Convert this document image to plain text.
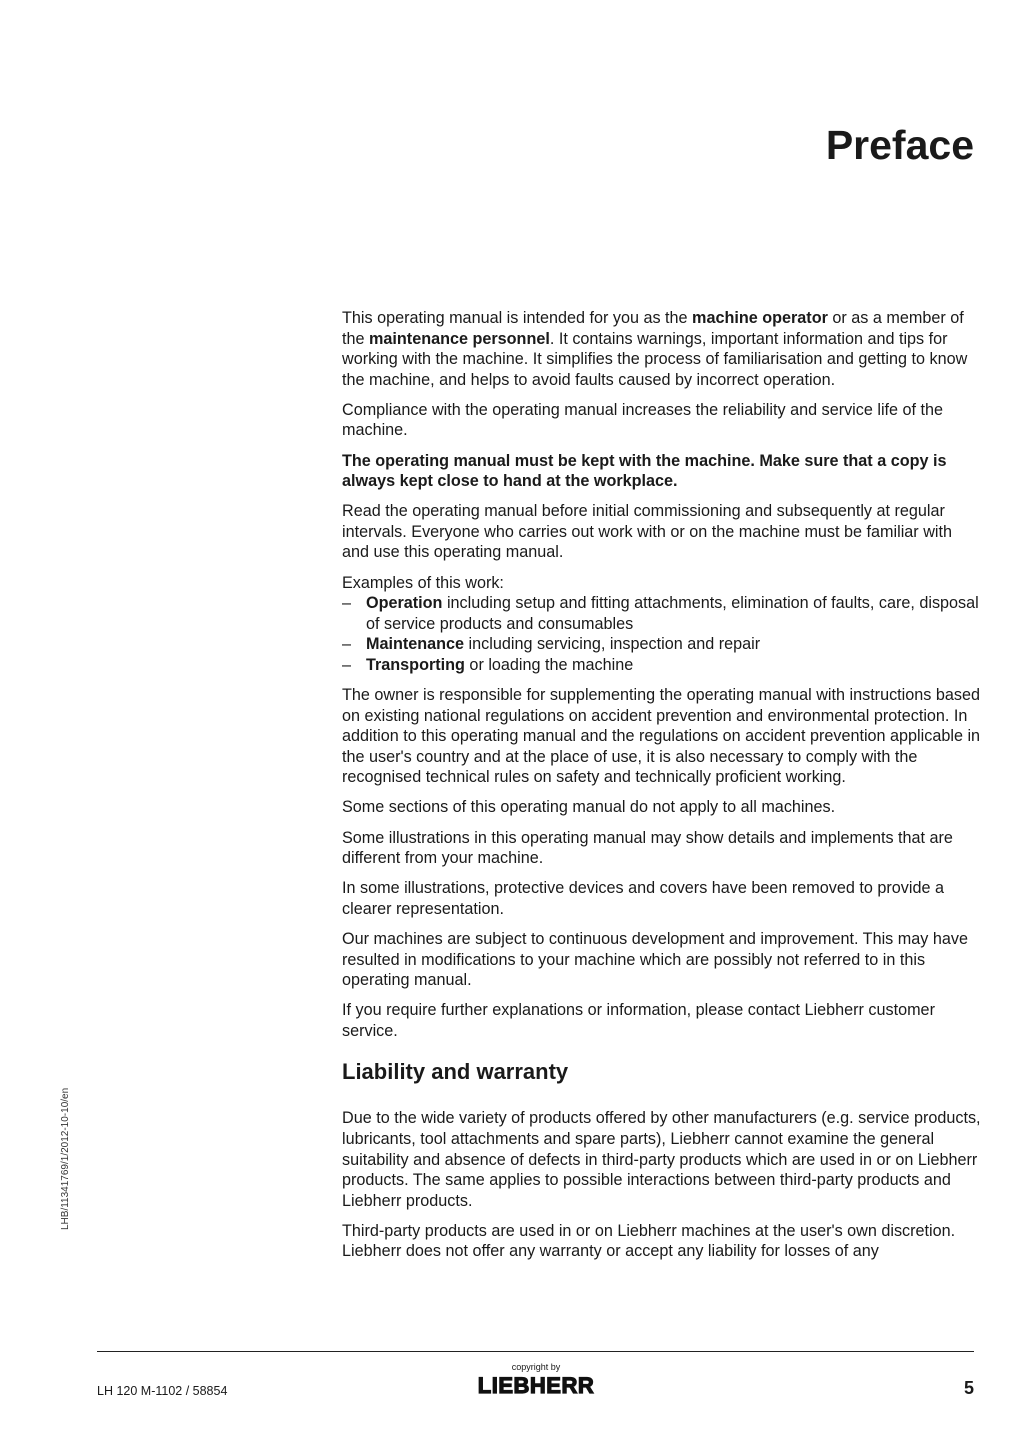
Preface
LHB/11341769/1/2012-10-10/en

This operating manual is intended for you as the machine operator or as a member of the maintenance personnel. It contains warnings, important information and tips for working with the machine. It simplifies the process of familiarisation and getting to know the machine, and helps to avoid faults caused by incorrect operation.

Compliance with the operating manual increases the reliability and service life of the machine.

The operating manual must be kept with the machine. Make sure that a copy is always kept close to hand at the workplace.

Read the operating manual before initial commissioning and subsequently at regular intervals. Everyone who carries out work with or on the machine must be familiar with and use this operating manual.

Examples of this work:
– Operation including setup and fitting attachments, elimination of faults, care, disposal of service products and consumables
– Maintenance including servicing, inspection and repair
– Transporting or loading the machine

The owner is responsible for supplementing the operating manual with instructions based on existing national regulations on accident prevention and environmental protection. In addition to this operating manual and the regulations on accident prevention applicable in the user's country and at the place of use, it is also necessary to comply with the recognised technical rules on safety and technically proficient working.

Some sections of this operating manual do not apply to all machines.

Some illustrations in this operating manual may show details and implements that are different from your machine.

In some illustrations, protective devices and covers have been removed to provide a clearer representation.

Our machines are subject to continuous development and improvement. This may have resulted in modifications to your machine which are possibly not referred to in this operating manual.

If you require further explanations or information, please contact Liebherr customer service.

Liability and warranty

Due to the wide variety of products offered by other manufacturers (e.g. service products, lubricants, tool attachments and spare parts), Liebherr cannot examine the general suitability and absence of defects in third-party products which are used in or on Liebherr products. The same applies to possible interactions between third-party products and Liebherr products.

Third-party products are used in or on Liebherr machines at the user's own discretion. Liebherr does not offer any warranty or accept any liability for losses of any

LH 120 M-1102 / 58854
copyright by
LIEBHERR	5
